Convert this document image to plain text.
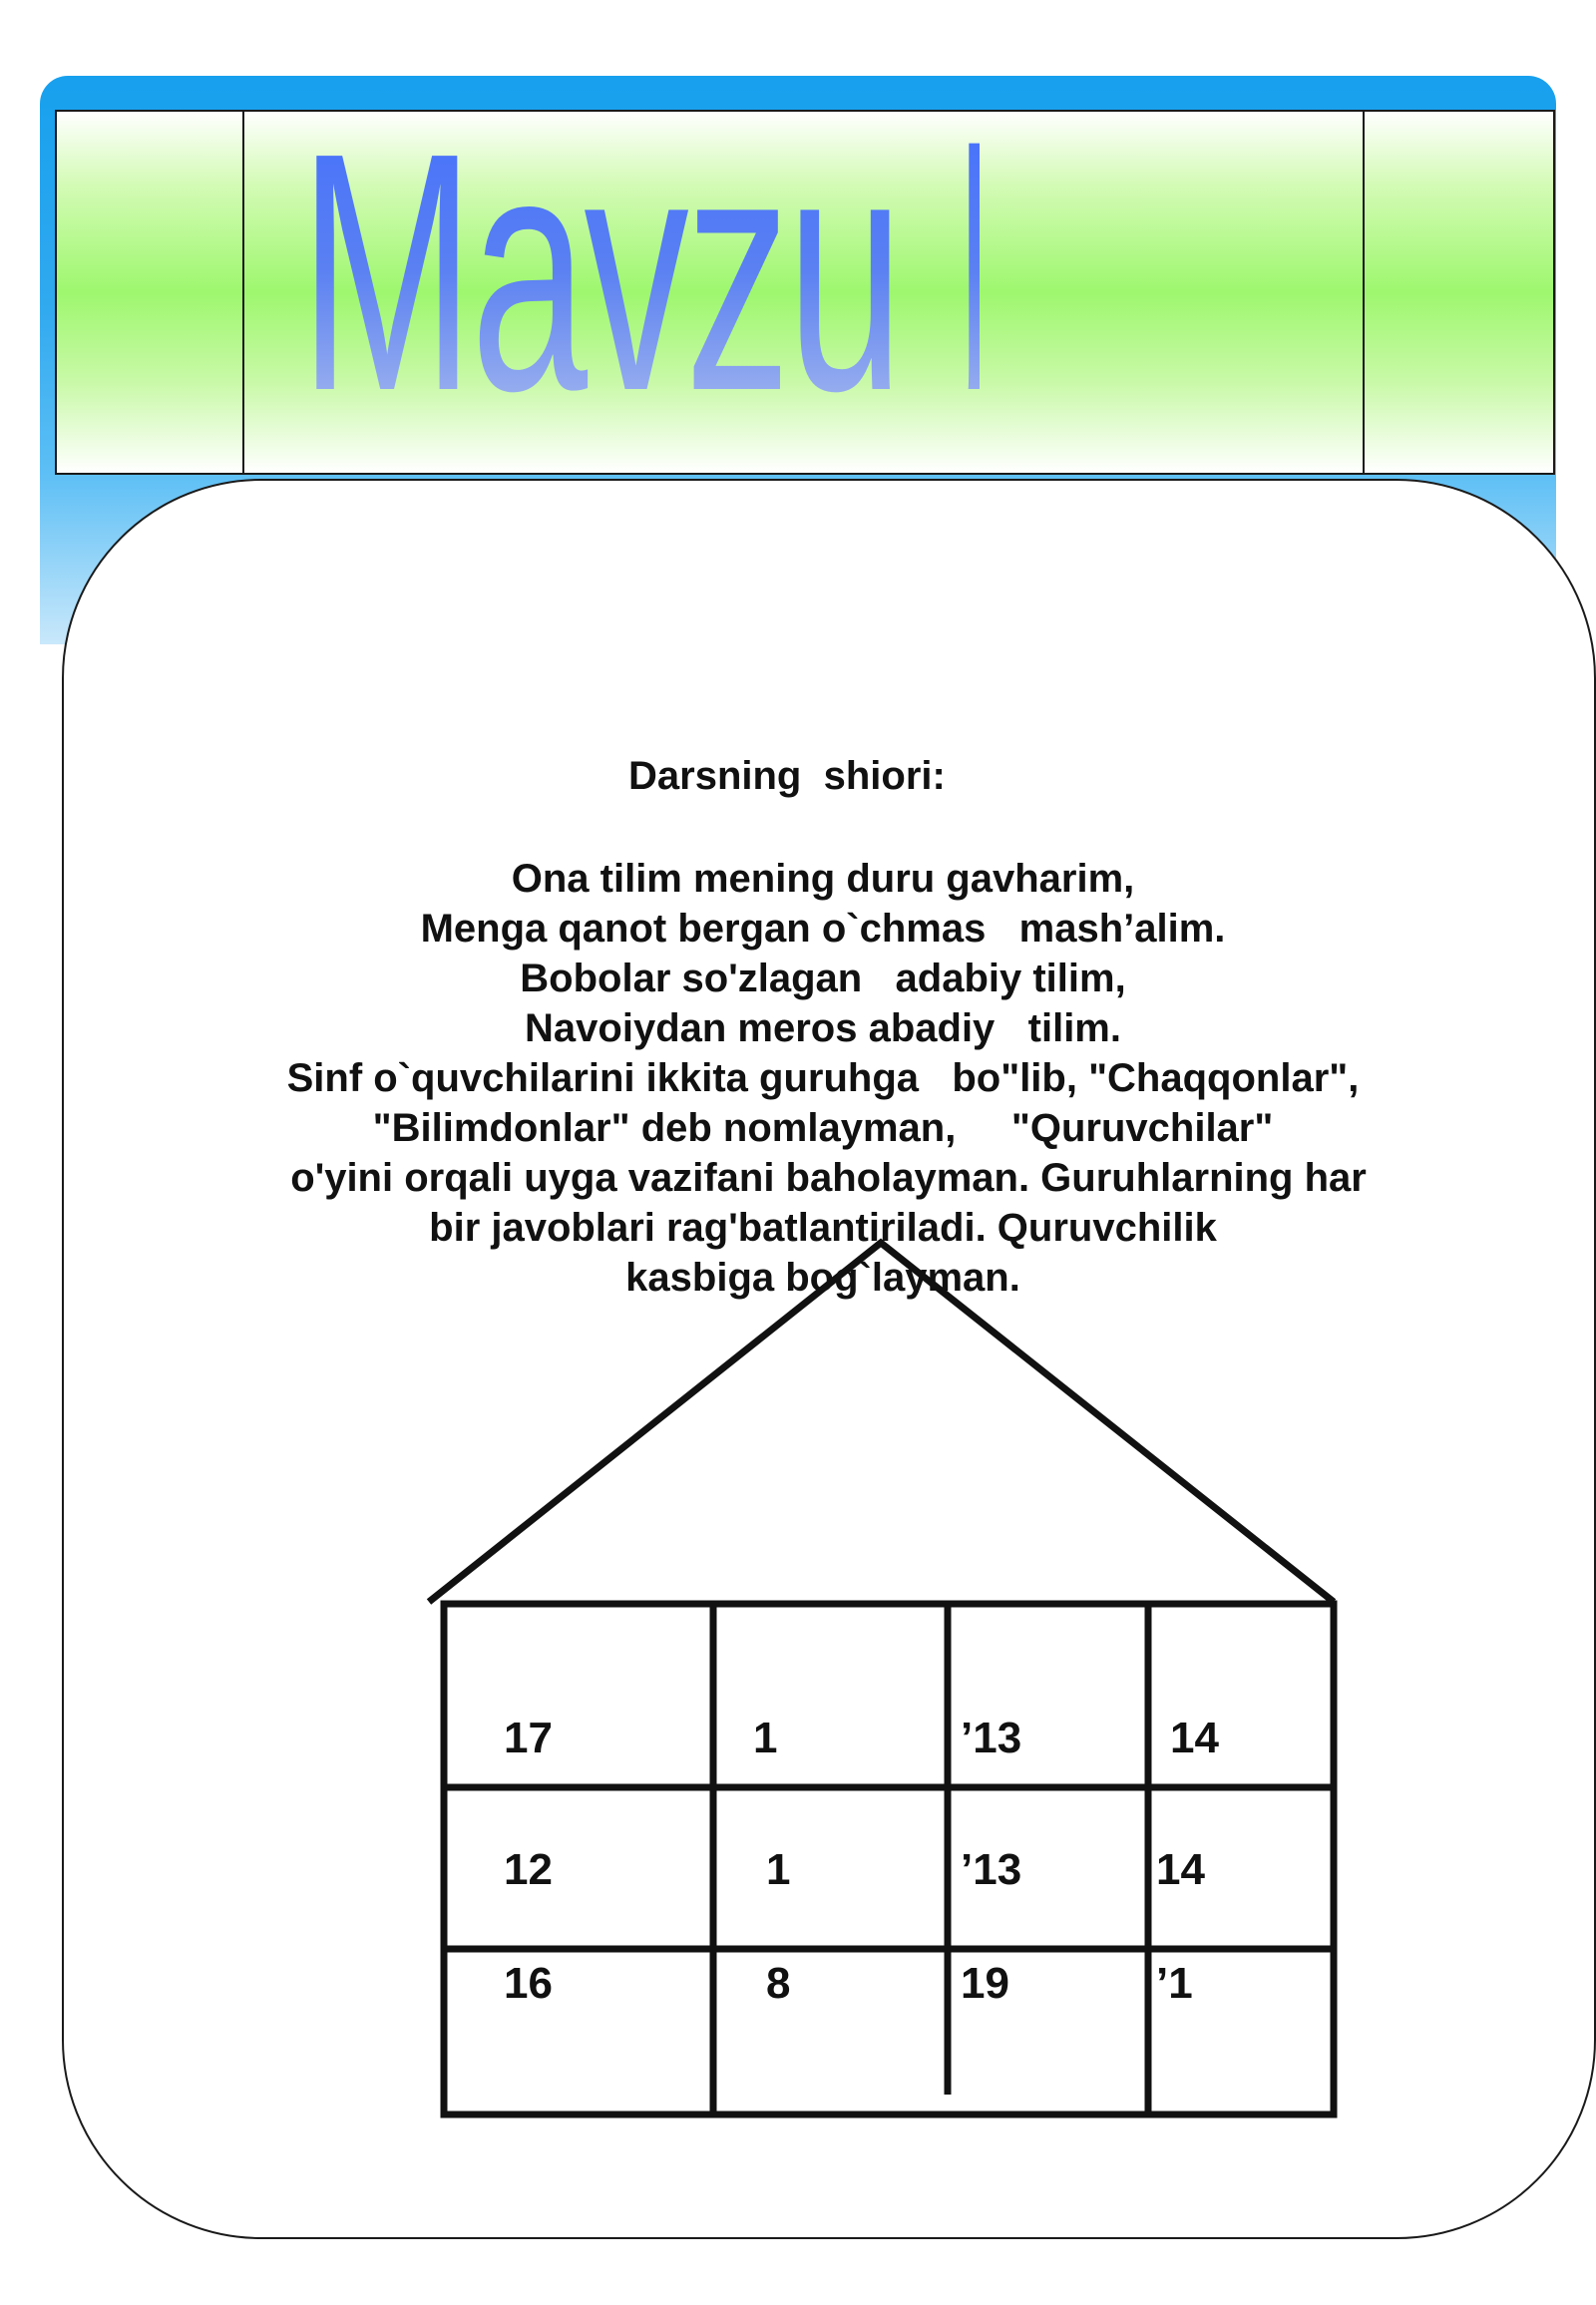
Mavzu bayoni
Darsning  shiori:
Ona tilim mening duru gavharim,
Menga qanot bergan o`chmas   mash’alim.
Bobolar so'zlagan   adabiy tilim,
Navoiydan meros abadiy   tilim.
Sinf o`quvchilarini ikkita guruhga   bo"lib, "Chaqqonlar",
"Bilimdonlar" deb nomlayman,     "Quruvchilar"
o'yini orqali uyga vazifani baholayman. Guruhlarning har
bir javoblari rag'batlantiriladi. Quruvchilik
kasbiga bog`layman.
17	1	’13	14
12	1	’13	14
16	8	19	’1
